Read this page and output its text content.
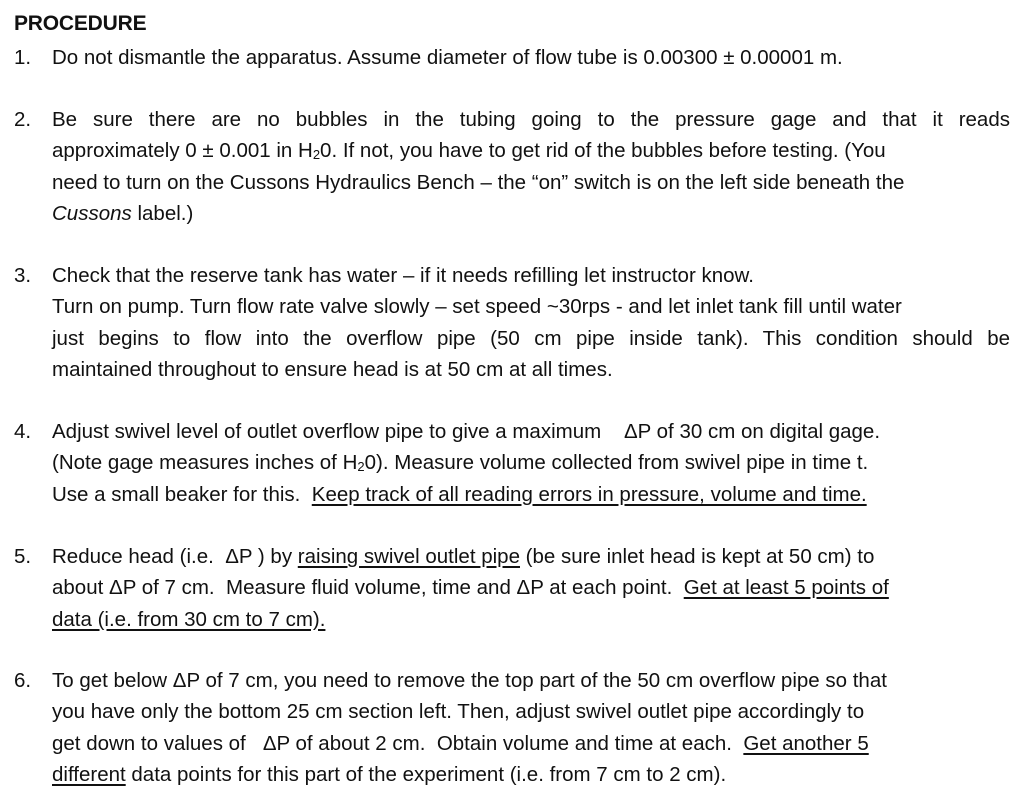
PROCEDURE
1.	Do not dismantle the apparatus. Assume diameter of flow tube is 0.00300 ± 0.00001 m.
2.	Be sure there are no bubbles in the tubing going to the pressure gage and that it reads
approximately 0 ± 0.001 in $H_20$. If not, you have to get rid of the bubbles before testing. (You
need to turn on the Cussons Hydraulics Bench – the “on” switch is on the left side beneath the
Cussons label.)
3.	Check that the reserve tank has water – if it needs refilling let instructor know.
Turn on pump. Turn flow rate valve slowly – set speed ~30rps - and let inlet tank fill until water
just begins to flow into the overflow pipe (50 cm pipe inside tank). This condition should be
maintained throughout to ensure head is at 50 cm at all times.
4.	Adjust swivel level of outlet overflow pipe to give a maximum    ΔP of 30 cm on digital gage.
(Note gage measures inches of $H_20$). Measure volume collected from swivel pipe in time t.
Use a small beaker for this.  Keep track of all reading errors in pressure, volume and time.
5.	Reduce head (i.e.  ΔP ) by raising swivel outlet pipe (be sure inlet head is kept at 50 cm) to
about ΔP of 7 cm.  Measure fluid volume, time and ΔP at each point.  Get at least 5 points of
data (i.e. from 30 cm to 7 cm).
6.	To get below ΔP of 7 cm, you need to remove the top part of the 50 cm overflow pipe so that
you have only the bottom 25 cm section left. Then, adjust swivel outlet pipe accordingly to
get down to values of   ΔP of about 2 cm.  Obtain volume and time at each.  Get another 5
different data points for this part of the experiment (i.e. from 7 cm to 2 cm).
